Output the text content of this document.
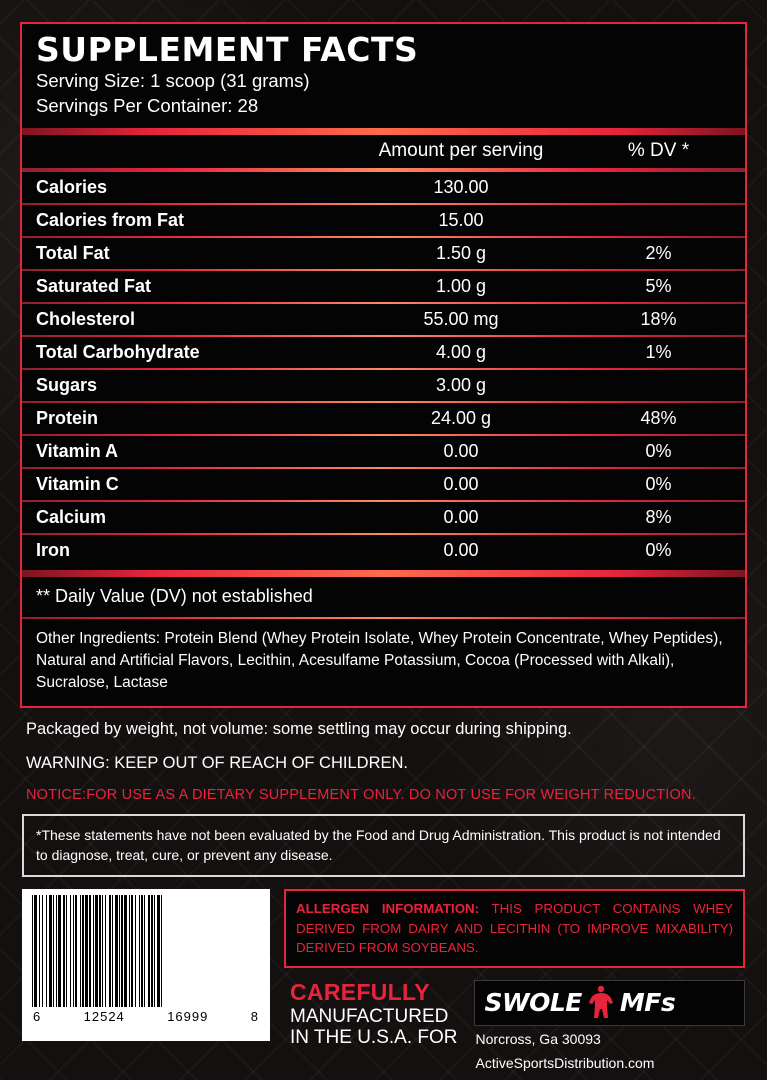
SUPPLEMENT FACTS
Serving Size: 1 scoop (31 grams)
Servings Per Container: 28
Amount per serving	% DV *
Calories	130.00
Calories from Fat	15.00
Total Fat	1.50 g	2%
Saturated Fat	1.00 g	5%
Cholesterol	55.00 mg	18%
Total Carbohydrate	4.00 g	1%
Sugars	3.00 g
Protein	24.00 g	48%
Vitamin A	0.00	0%
Vitamin C	0.00	0%
Calcium	0.00	8%
Iron	0.00	0%
** Daily Value (DV) not established
Other Ingredients: Protein Blend (Whey Protein Isolate, Whey Protein Concentrate, Whey Peptides), Natural and Artificial Flavors, Lecithin, Acesulfame Potassium, Cocoa (Processed with Alkali), Sucralose, Lactase
Packaged by weight, not volume: some settling may occur during shipping.
WARNING: KEEP OUT OF REACH OF CHILDREN.
NOTICE:FOR USE AS A DIETARY SUPPLEMENT ONLY. DO NOT USE FOR WEIGHT REDUCTION.
*These statements have not been evaluated by the Food and Drug Administration. This product is not intended to diagnose, treat, cure, or prevent any disease.
6	12524	16999	8
ALLERGEN INFORMATION: THIS PRODUCT CONTAINS WHEY DERIVED FROM DAIRY AND LECITHIN (TO IMPROVE MIXABILITY) DERIVED FROM SOYBEANS.
CAREFULLY
MANUFACTURED
IN THE U.S.A. FOR
SWOLE MFs
Norcross, Ga 30093
ActiveSportsDistribution.com
